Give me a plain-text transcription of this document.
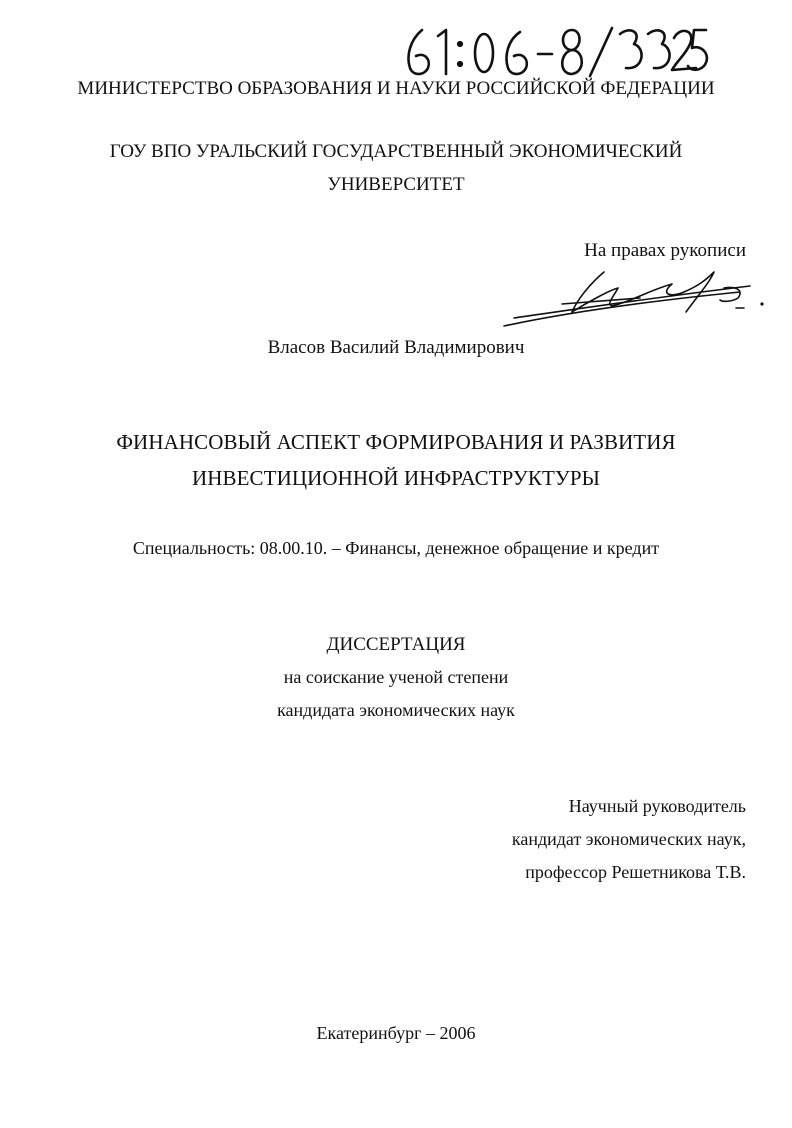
МИНИСТЕРСТВО ОБРАЗОВАНИЯ И НАУКИ РОССИЙСКОЙ ФЕДЕРАЦИИ
ГОУ ВПО УРАЛЬСКИЙ ГОСУДАРСТВЕННЫЙ ЭКОНОМИЧЕСКИЙ
УНИВЕРСИТЕТ
На правах рукописи
Власов Василий Владимирович
ФИНАНСОВЫЙ АСПЕКТ ФОРМИРОВАНИЯ И РАЗВИТИЯ
ИНВЕСТИЦИОННОЙ ИНФРАСТРУКТУРЫ
Специальность: 08.00.10. – Финансы, денежное обращение и кредит
ДИССЕРТАЦИЯ
на соискание ученой степени
кандидата экономических наук
Научный руководитель
кандидат экономических наук,
профессор Решетникова Т.В.
Екатеринбург – 2006
